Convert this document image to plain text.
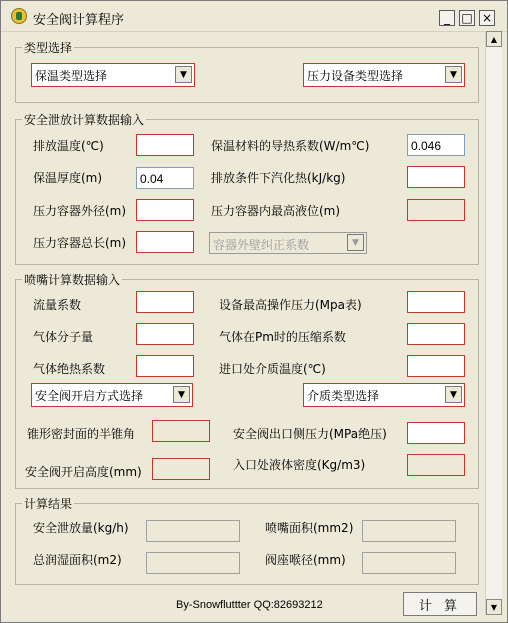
安全阀计算程序	_ □ ×
▲
▼
类型选择
保温类型选择	▼	压力设备类型选择	▼
安全泄放计算数据输入
排放温度(℃)	保温材料的导热系数(W/m℃)	0.046
保温厚度(m)	0.04	排放条件下汽化热(kJ/kg)
压力容器外径(m)	压力容器内最高液位(m)
压力容器总长(m)	容器外壁纠正系数	▼
喷嘴计算数据输入
流量系数	设备最高操作压力(Mpa表)
气体分子量	气体在Pm时的压缩系数
气体绝热系数	进口处介质温度(℃)
安全阀开启方式选择	▼	介质类型选择	▼
锥形密封面的半锥角	安全阀出口侧压力(MPa绝压)
安全阀开启高度(mm)	入口处液体密度(Kg/m3)
计算结果
安全泄放量(kg/h)	喷嘴面积(mm2)
总润湿面积(m2)	阀座喉径(mm)
By-Snowfluttter QQ:82693212	计 算
